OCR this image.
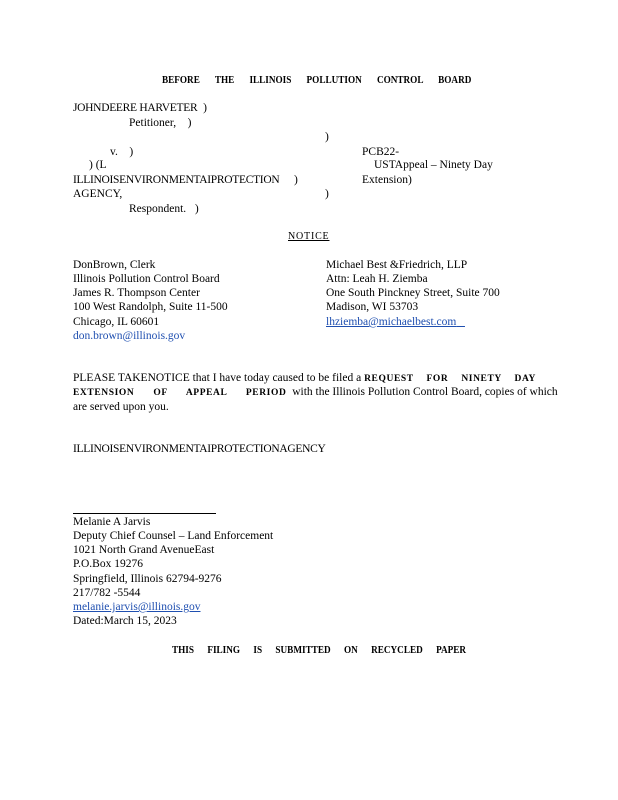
BEFORE THE ILLINOIS POLLUTION CONTROL BOARD
JOHNDEERE HARVETER )
Petitioner, )
)
v. )
) (L
ILLINOISENVIRONMENTAIPROTECTION )
AGENCY,	)
Respondent. )
PCB22-
USTAppeal – Ninety Day
Extension)
NOTICE
DonBrown, Clerk
Illinois Pollution Control Board
James R. Thompson Center
100 West Randolph, Suite 11-500
Chicago, IL 60601
don.brown@illinois.gov
Michael Best &Friedrich, LLP
Attn: Leah H. Ziemba
One South Pinckney Street, Suite 700
Madison, WI 53703
lhziemba@michaelbest.com
PLEASE TAKENOTICE that I have today caused to be filed a REQUEST FOR NINETY DAY
EXTENSION OF APPEAL PERIOD with the Illinois Pollution Control Board, copies of which
are served upon you.
ILLINOISENVIRONMENTAIPROTECTIONAGENCY
Melanie A Jarvis
Deputy Chief Counsel – Land Enforcement
1021 North Grand AvenueEast
P.O.Box 19276
Springfield, Illinois 62794-9276
217/782 -5544
melanie.jarvis@illinois.gov
Dated:March 15, 2023
THIS FILING IS SUBMITTED ON RECYCLED PAPER
